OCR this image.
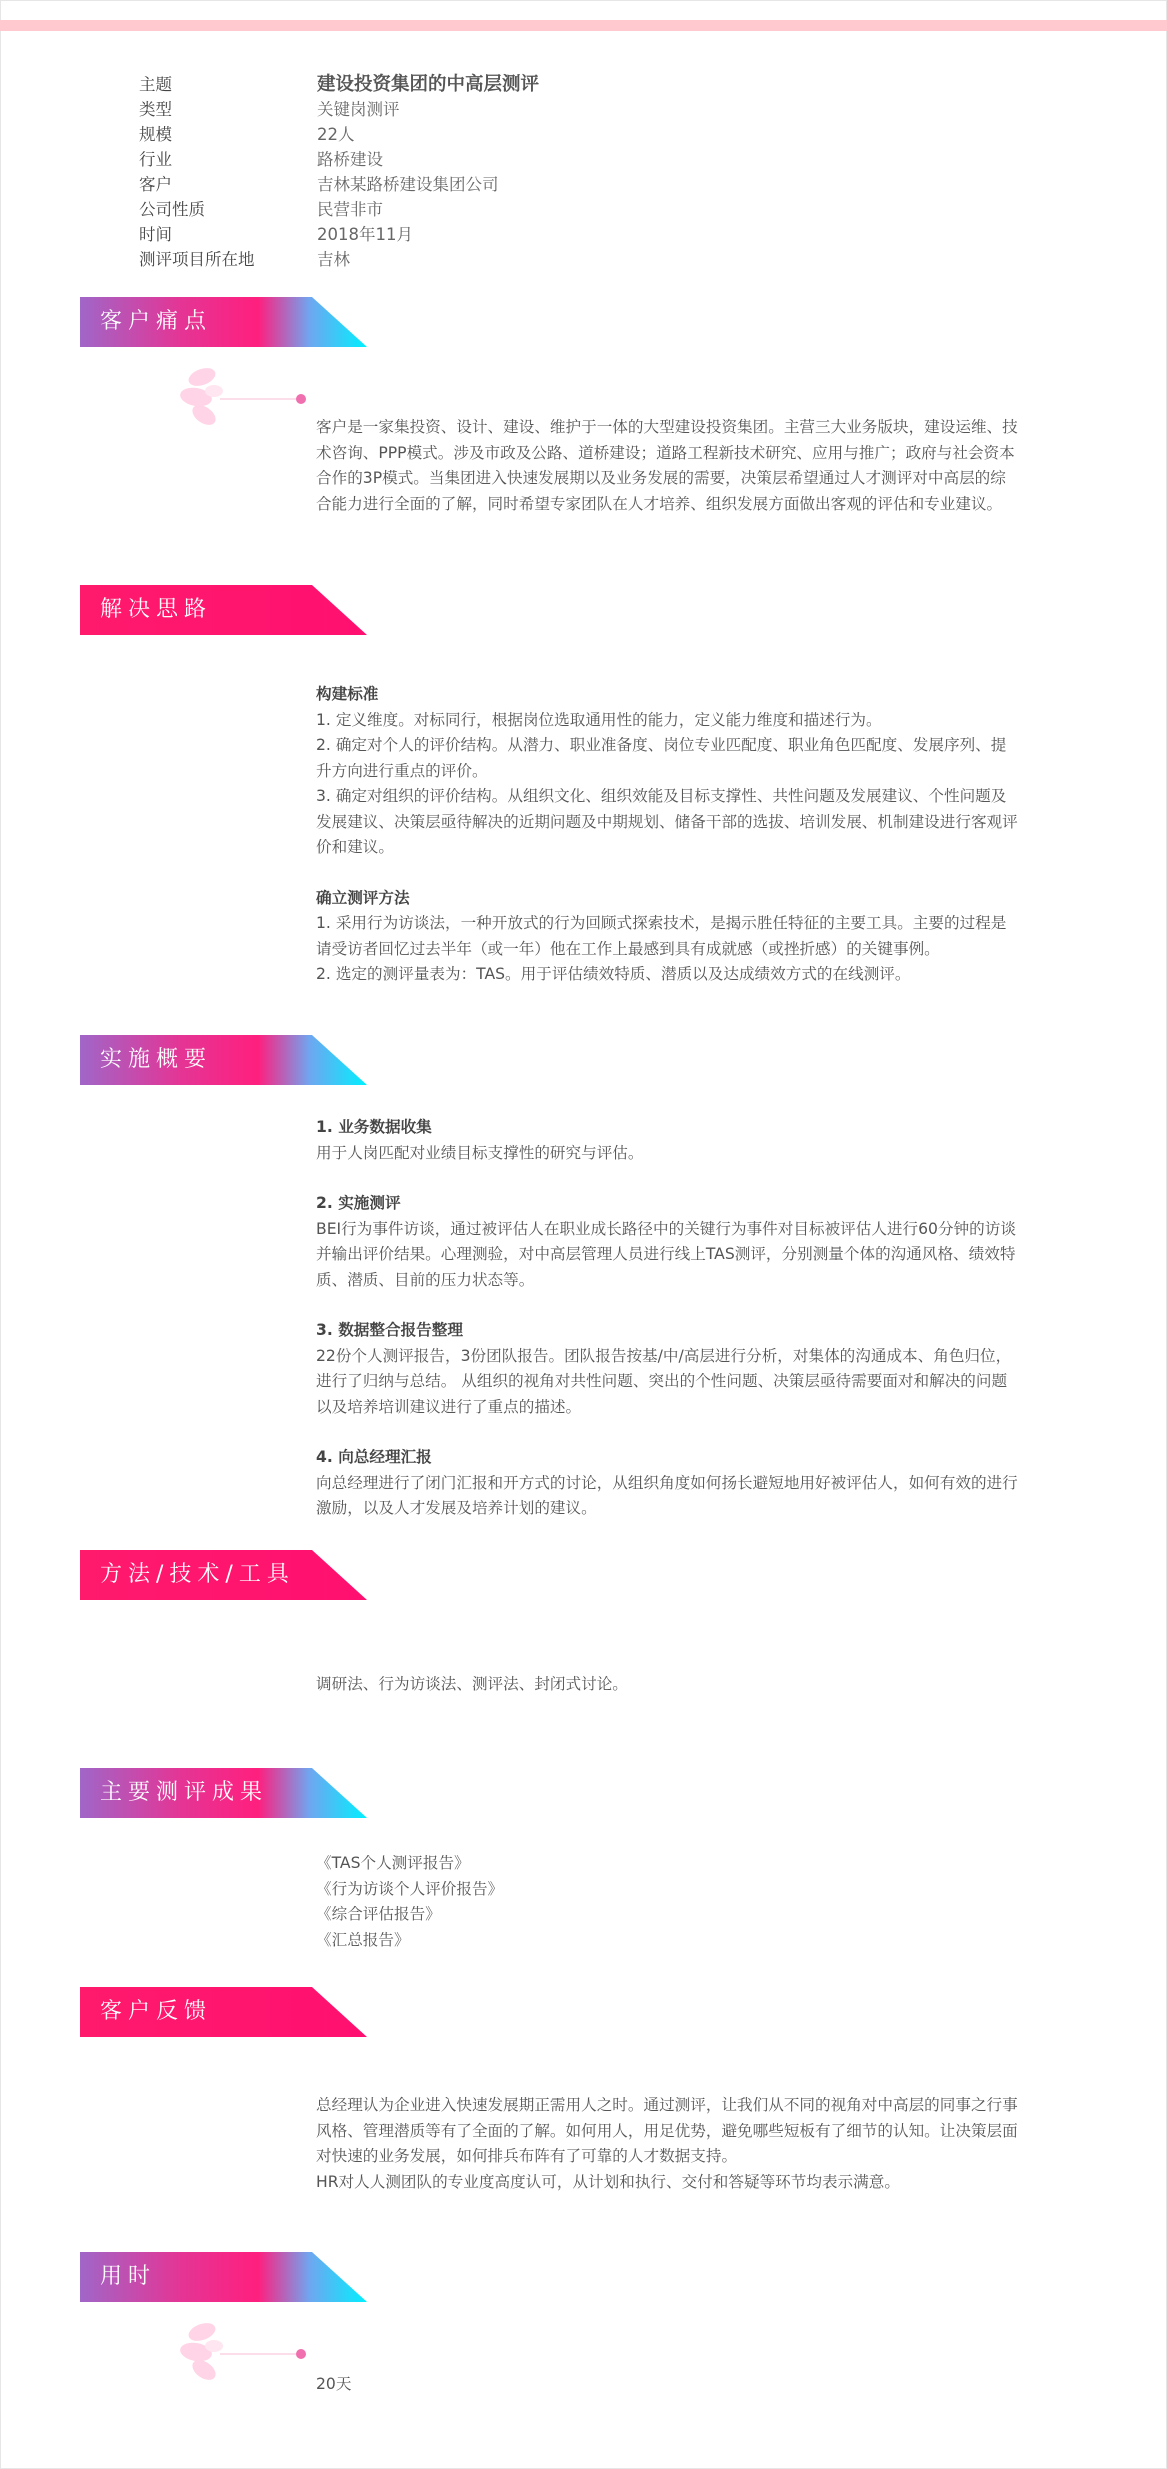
主题	建设投资集团的中高层测评
类型	关键岗测评
规模	22人
行业	路桥建设
客户	吉林某路桥建设集团公司
公司性质	民营非市
时间	2018年11月
测评项目所在地	吉林
客户痛点

客户是一家集投资、设计、建设、维护于一体的大型建设投资集团。主营三大业务版块，建设运维、技

术咨询、PPP模式。涉及市政及公路、道桥建设；道路工程新技术研究、应用与推广；政府与社会资本

合作的3P模式。当集团进入快速发展期以及业务发展的需要，决策层希望通过人才测评对中高层的综

合能力进行全面的了解，同时希望专家团队在人才培养、组织发展方面做出客观的评估和专业建议。

解决思路

构建标准

1. 定义维度。对标同行，根据岗位选取通用性的能力，定义能力维度和描述行为。

2. 确定对个人的评价结构。从潜力、职业准备度、岗位专业匹配度、职业角色匹配度、发展序列、提

升方向进行重点的评价。

3. 确定对组织的评价结构。从组织文化、组织效能及目标支撑性、共性问题及发展建议、个性问题及

发展建议、决策层亟待解决的近期问题及中期规划、储备干部的选拔、培训发展、机制建设进行客观评

价和建议。

确立测评方法

1. 采用行为访谈法，一种开放式的行为回顾式探索技术，是揭示胜任特征的主要工具。主要的过程是

请受访者回忆过去半年（或一年）他在工作上最感到具有成就感（或挫折感）的关键事例。

2. 选定的测评量表为：TAS。用于评估绩效特质、潜质以及达成绩效方式的在线测评。

实施概要

1. 业务数据收集

用于人岗匹配对业绩目标支撑性的研究与评估。

2. 实施测评

BEI行为事件访谈，通过被评估人在职业成长路径中的关键行为事件对目标被评估人进行60分钟的访谈

并输出评价结果。心理测验，对中高层管理人员进行线上TAS测评，分别测量个体的沟通风格、绩效特

质、潜质、目前的压力状态等。

3. 数据整合报告整理

22份个人测评报告，3份团队报告。团队报告按基/中/高层进行分析，对集体的沟通成本、角色归位，

进行了归纳与总结。 从组织的视角对共性问题、突出的个性问题、决策层亟待需要面对和解决的问题

以及培养培训建议进行了重点的描述。

4. 向总经理汇报

向总经理进行了闭门汇报和开方式的讨论，从组织角度如何扬长避短地用好被评估人，如何有效的进行

激励，以及人才发展及培养计划的建议。

方法/技术/工具

调研法、行为访谈法、测评法、封闭式讨论。

主要测评成果

《TAS个人测评报告》

《行为访谈个人评价报告》

《综合评估报告》

《汇总报告》

客户反馈

总经理认为企业进入快速发展期正需用人之时。通过测评，让我们从不同的视角对中高层的同事之行事

风格、管理潜质等有了全面的了解。如何用人，用足优势，避免哪些短板有了细节的认知。让决策层面

对快速的业务发展，如何排兵布阵有了可靠的人才数据支持。

HR对人人测团队的专业度高度认可，从计划和执行、交付和答疑等环节均表示满意。

用时

20天
